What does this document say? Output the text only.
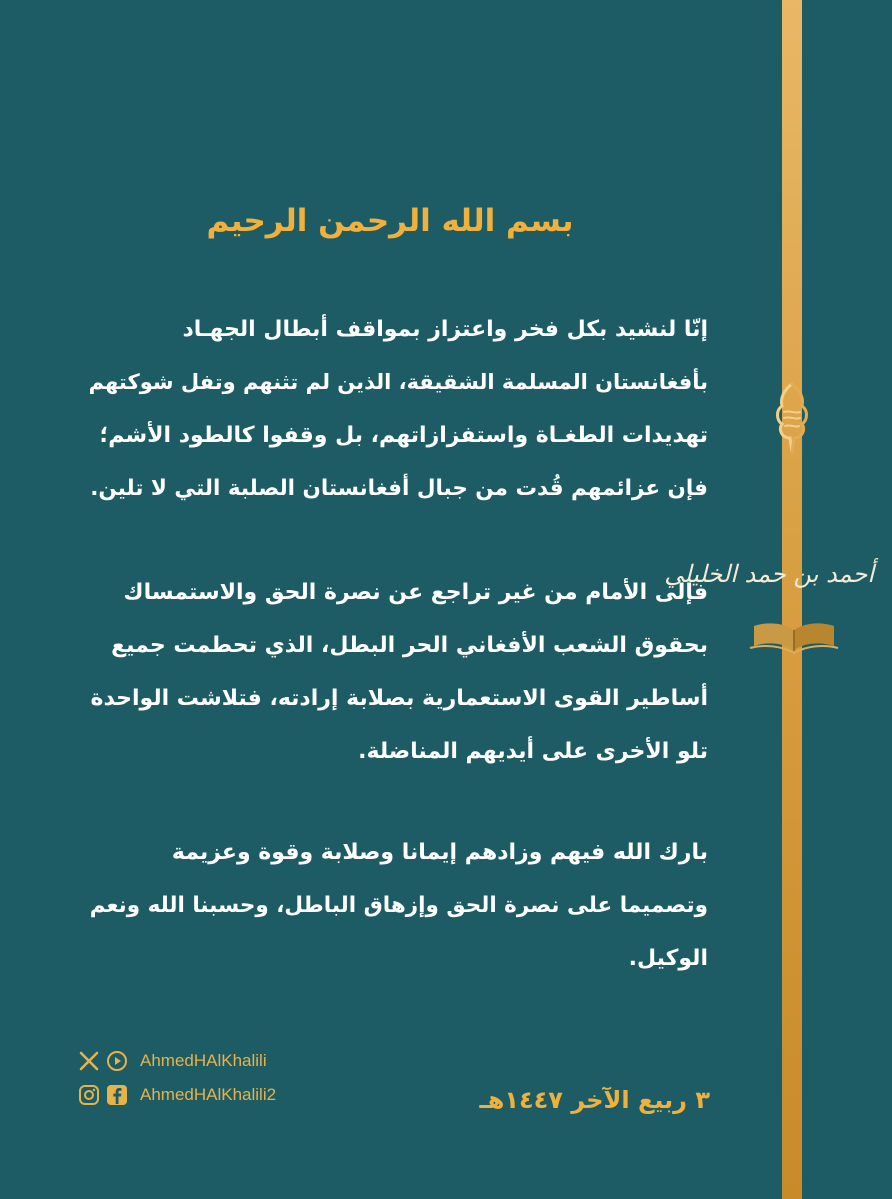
أحمد بن حمد الخليلي
بسم الله الرحمن الرحيم
إنّا لنشيد بكل فخر واعتزاز بمواقف أبطال الجهـاد
بأفغانستان المسلمة الشقيقة، الذين لم تثنهم وتفل شوكتهم
تهديدات الطغـاة واستفزازاتهم، بل وقفوا كالطود الأشم؛
فإن عزائمهم قُدت من جبال أفغانستان الصلبة التي لا تلين.
فإلى الأمام من غير تراجع عن نصرة الحق والاستمساك
بحقوق الشعب الأفغاني الحر البطل، الذي تحطمت جميع
أساطير القوى الاستعمارية بصلابة إرادته، فتلاشت الواحدة
تلو الأخرى على أيديهم المناضلة.
بارك الله فيهم وزادهم إيمانا وصلابة وقوة وعزيمة
وتصميما على نصرة الحق وإزهاق الباطل، وحسبنا الله ونعم
الوكيل.
AhmedHAlKhalili
AhmedHAlKhalili2	٣ ربيع الآخر ١٤٤٧هـ
